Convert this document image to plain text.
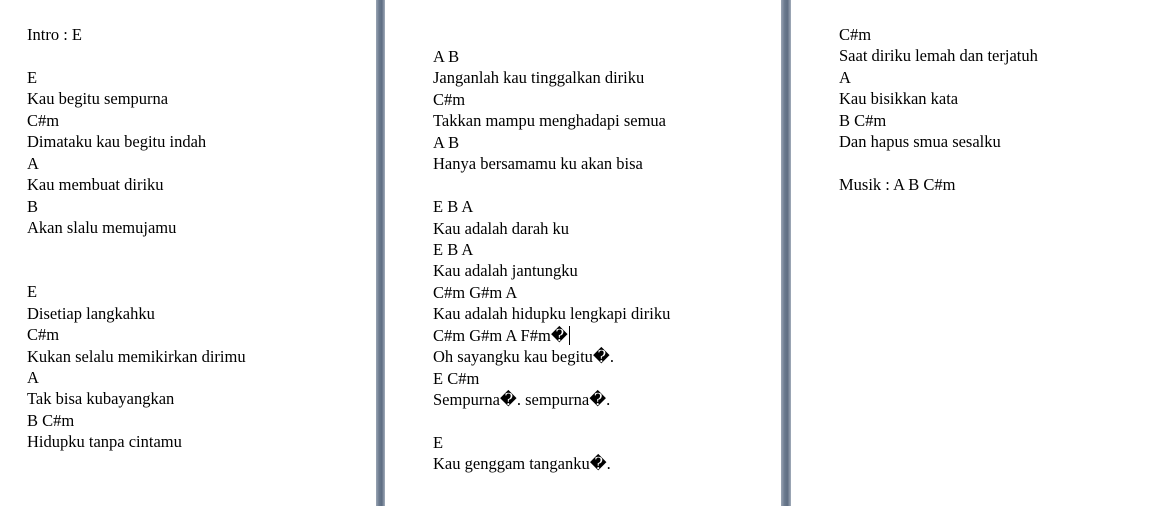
Intro : E
E
Kau begitu sempurna
C#m
Dimataku kau begitu indah
A
Kau membuat diriku
B
Akan slalu memujamu
E
Disetiap langkahku
C#m
Kukan selalu memikirkan dirimu
A
Tak bisa kubayangkan
B C#m
Hidupku tanpa cintamu
A B
Janganlah kau tinggalkan diriku
C#m
Takkan mampu menghadapi semua
A B
Hanya bersamamu ku akan bisa
E B A
Kau adalah darah ku
E B A
Kau adalah jantungku
C#m G#m A
Kau adalah hidupku lengkapi diriku
C#m G#m A F#m�
Oh sayangku kau begitu�.
E C#m
Sempurna�. sempurna�.
E
Kau genggam tanganku�.
C#m
Saat diriku lemah dan terjatuh
A
Kau bisikkan kata
B C#m
Dan hapus smua sesalku
Musik : A B C#m
